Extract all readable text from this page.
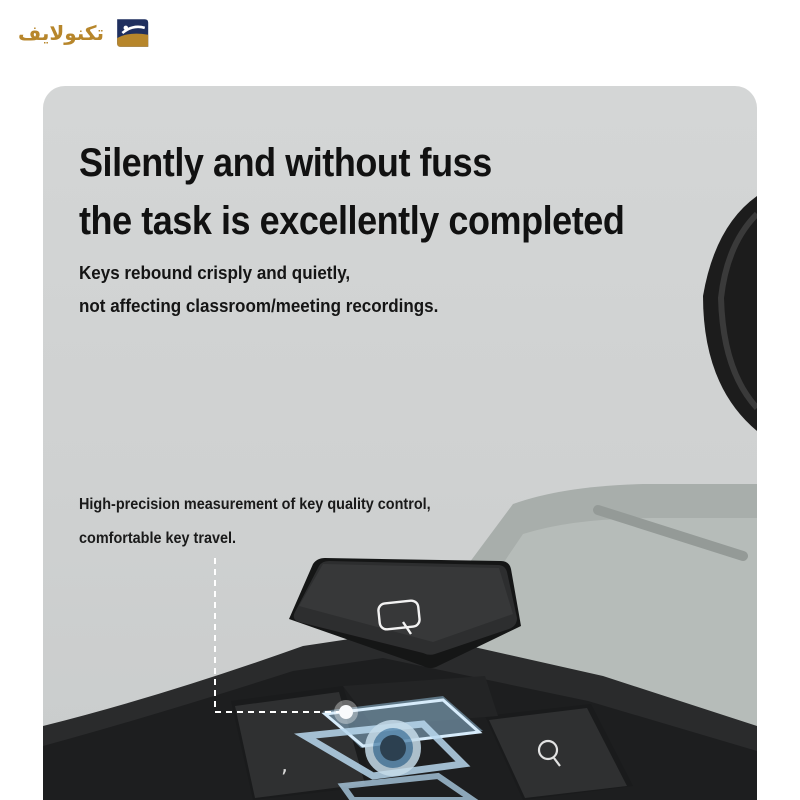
تکنولایف
,
Silently and without fuss
the task is excellently completed

Keys rebound crisply and quietly,
not affecting classroom/meeting recordings.

High-precision measurement of key quality control,
comfortable key travel.
